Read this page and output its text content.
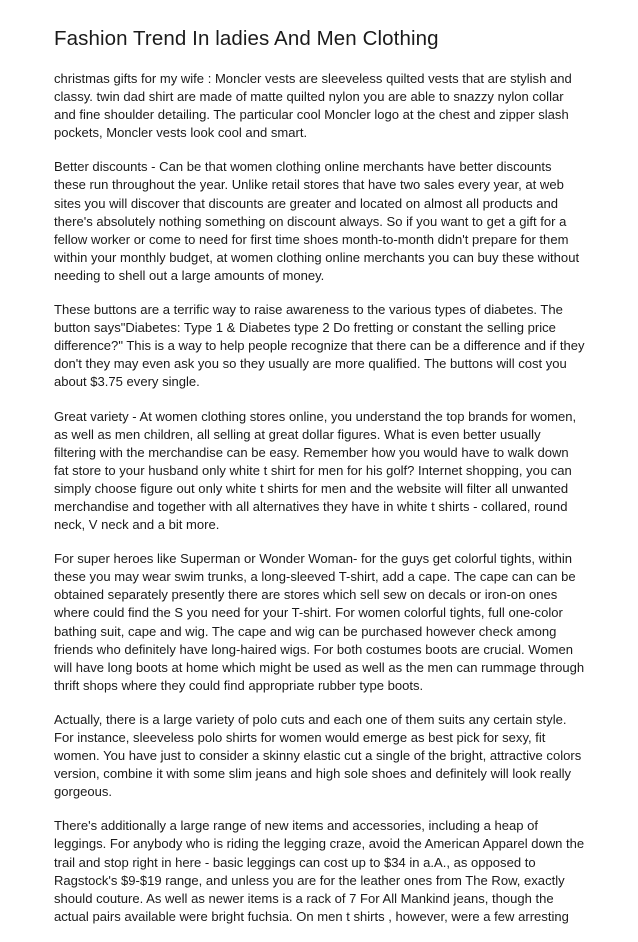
Fashion Trend In ladies And Men Clothing

christmas gifts for my wife : Moncler vests are sleeveless quilted vests that are stylish and classy. twin dad shirt are made of matte quilted nylon you are able to snazzy nylon collar and fine shoulder detailing. The particular cool Moncler logo at the chest and zipper slash pockets, Moncler vests look cool and smart.

Better discounts - Can be that women clothing online merchants have better discounts these run throughout the year. Unlike retail stores that have two sales every year, at web sites you will discover that discounts are greater and located on almost all products and there's absolutely nothing something on discount always. So if you want to get a gift for a fellow worker or come to need for first time shoes month-to-month didn't prepare for them within your monthly budget, at women clothing online merchants you can buy these without needing to shell out a large amounts of money.

These buttons are a terrific way to raise awareness to the various types of diabetes. The button says"Diabetes: Type 1 & Diabetes type 2 Do fretting or constant the selling price difference?" This is a way to help people recognize that there can be a difference and if they don't they may even ask you so they usually are more qualified. The buttons will cost you about $3.75 every single.

Great variety - At women clothing stores online, you understand the top brands for women, as well as men children, all selling at great dollar figures. What is even better usually filtering with the merchandise can be easy. Remember how you would have to walk down fat store to your husband only white t shirt for men for his golf? Internet shopping, you can simply choose figure out only white t shirts for men and the website will filter all unwanted merchandise and together with all alternatives they have in white t shirts - collared, round neck, V neck and a bit more.

For super heroes like Superman or Wonder Woman- for the guys get colorful tights, within these you may wear swim trunks, a long-sleeved T-shirt, add a cape. The cape can can be obtained separately presently there are stores which sell sew on decals or iron-on ones where could find the S you need for your T-shirt. For women colorful tights, full one-color bathing suit, cape and wig. The cape and wig can be purchased however check among friends who definitely have long-haired wigs. For both costumes boots are crucial. Women will have long boots at home which might be used as well as the men can rummage through thrift shops where they could find appropriate rubber type boots.

Actually, there is a large variety of polo cuts and each one of them suits any certain style. For instance, sleeveless polo shirts for women would emerge as best pick for sexy, fit women. You have just to consider a skinny elastic cut a single of the bright, attractive colors version, combine it with some slim jeans and high sole shoes and definitely will look really gorgeous.

There's additionally a large range of new items and accessories, including a heap of leggings. For anybody who is riding the legging craze, avoid the American Apparel down the trail and stop right in here - basic leggings can cost up to $34 in a.A., as opposed to Ragstock's $9-$19 range, and unless you are for the leather ones from The Row, exactly should couture. As well as newer items is a rack of 7 For All Mankind jeans, though the actual pairs available were bright fuchsia. On men t shirts , however, were a few arresting
